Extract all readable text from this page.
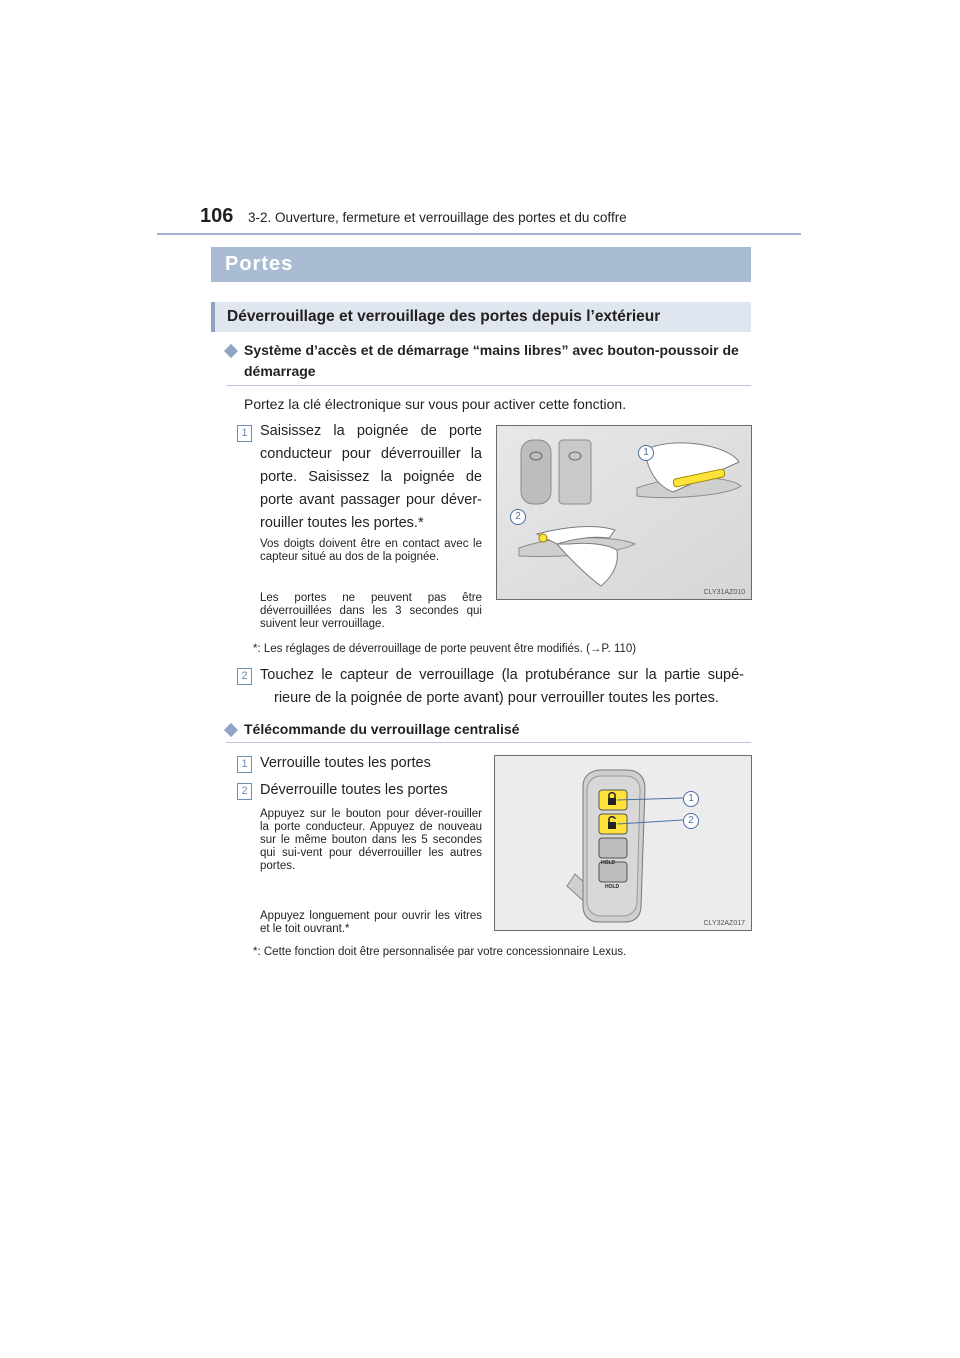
106 3-2. Ouverture, fermeture et verrouillage des portes et du coffre
Portes
Déverrouillage et verrouillage des portes depuis l’extérieur
Système d’accès et de démarrage “mains libres” avec bouton-poussoir de
démarrage
Portez la clé électronique sur vous pour activer cette fonction.
1 Saisissez la poignée de porte
conducteur pour déverrouiller la
porte. Saisissez la poignée de
porte avant passager pour déver-
rouiller toutes les portes.*
Vos doigts doivent être en contact avec le capteur situé au dos de la poignée.
Les portes ne peuvent pas être déverrouillées dans les 3 secondes qui suivent leur verrouillage.
1
2
CLY31AZ010
*: Les réglages de déverrouillage de porte peuvent être modifiés. (→P. 110)
2 Touchez le capteur de verrouillage (la protubérance sur la partie supé-
rieure de la poignée de porte avant) pour verrouiller toutes les portes.
Télécommande du verrouillage centralisé
1 Verrouille toutes les portes
2 Déverrouille toutes les portes
Appuyez sur le bouton pour déver-rouiller la porte conducteur. Appuyez de nouveau sur le même bouton dans les 5 secondes qui sui-vent pour déverrouiller les autres portes.
Appuyez longuement pour ouvrir les vitres et le toit ouvrant.*
HOLD
HOLD
1
2
CLY32AZ017
*: Cette fonction doit être personnalisée par votre concessionnaire Lexus.
